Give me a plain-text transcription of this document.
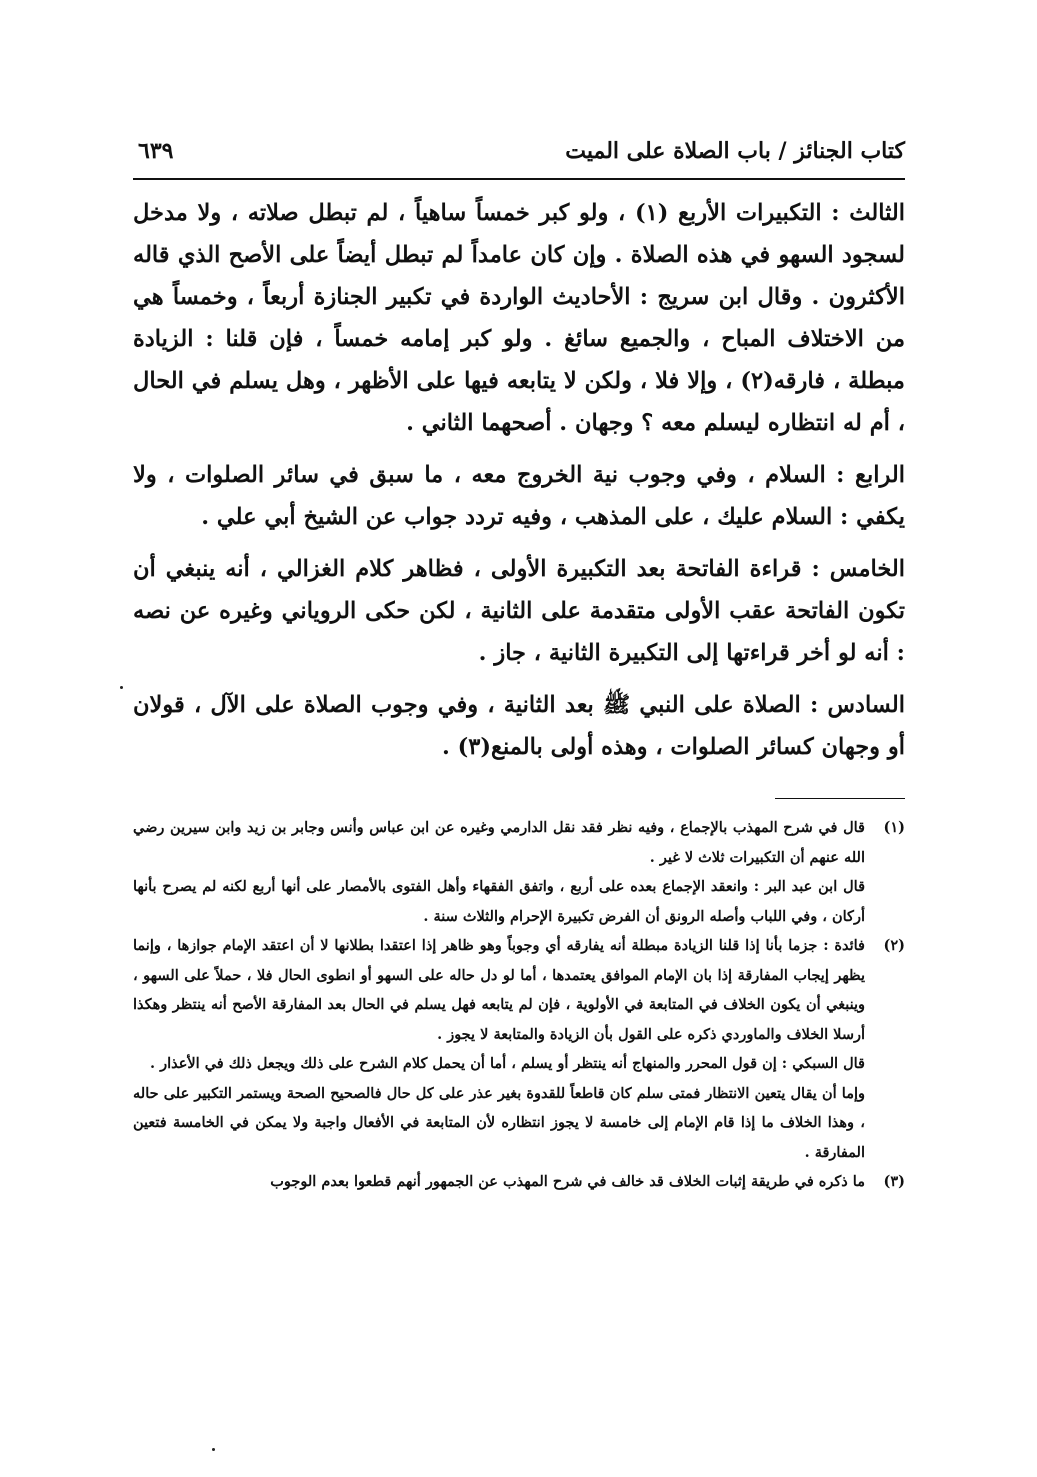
كتاب الجنائز / باب الصلاة على الميت
٦٣٩

الثالث : التكبيرات الأربع (١) ، ولو كبر خمساً ساهياً ، لم تبطل صلاته ، ولا مدخل لسجود السهو في هذه الصلاة . وإن كان عامداً لم تبطل أيضاً على الأصح الذي قاله الأكثرون . وقال ابن سريج : الأحاديث الواردة في تكبير الجنازة أربعاً ، وخمساً هي من الاختلاف المباح ، والجميع سائغ . ولو كبر إمامه خمساً ، فإن قلنا : الزيادة مبطلة ، فارقه(٢) ، وإلا فلا ، ولكن لا يتابعه فيها على الأظهر ، وهل يسلم في الحال ، أم له انتظاره ليسلم معه ؟ وجهان . أصحهما الثاني .

الرابع : السلام ، وفي وجوب نية الخروج معه ، ما سبق في سائر الصلوات ، ولا يكفي : السلام عليك ، على المذهب ، وفيه تردد جواب عن الشيخ أبي علي .

الخامس : قراءة الفاتحة بعد التكبيرة الأولى ، فظاهر كلام الغزالي ، أنه ينبغي أن تكون الفاتحة عقب الأولى متقدمة على الثانية ، لكن حكى الروياني وغيره عن نصه : أنه لو أخر قراءتها إلى التكبيرة الثانية ، جاز .

السادس : الصلاة على النبي ﷺ بعد الثانية ، وفي وجوب الصلاة على الآل ، قولان أو وجهان كسائر الصلوات ، وهذه أولى بالمنع(٣) .

(١)

قال في شرح المهذب بالإجماع ، وفيه نظر فقد نقل الدارمي وغيره عن ابن عباس وأنس وجابر بن زيد وابن سيرين رضي الله عنهم أن التكبيرات ثلاث لا غير .

قال ابن عبد البر : وانعقد الإجماع بعده على أربع ، واتفق الفقهاء وأهل الفتوى بالأمصار على أنها أربع لكنه لم يصرح بأنها أركان ، وفي اللباب وأصله الرونق أن الفرض تكبيرة الإحرام والثلاث سنة .

(٢)

فائدة : جزما بأنا إذا قلنا الزيادة مبطلة أنه يفارقه أي وجوباً وهو ظاهر إذا اعتقدا بطلانها لا أن اعتقد الإمام جوازها ، وإنما يظهر إيجاب المفارقة إذا بان الإمام الموافق يعتمدها ، أما لو دل حاله على السهو أو انطوى الحال فلا ، حملاً على السهو ، وينبغي أن يكون الخلاف في المتابعة في الأولوية ، فإن لم يتابعه فهل يسلم في الحال بعد المفارقة الأصح أنه ينتظر وهكذا أرسلا الخلاف والماوردي ذكره على القول بأن الزيادة والمتابعة لا يجوز .

قال السبكي : إن قول المحرر والمنهاج أنه ينتظر أو يسلم ، أما أن يحمل كلام الشرح على ذلك ويجعل ذلك في الأعذار .

وإما أن يقال يتعين الانتظار فمتى سلم كان قاطعاً للقدوة بغير عذر على كل حال فالصحيح الصحة ويستمر التكبير على حاله ، وهذا الخلاف ما إذا قام الإمام إلى خامسة لا يجوز انتظاره لأن المتابعة في الأفعال واجبة ولا يمكن في الخامسة فتعين المفارقة .

(٣)

ما ذكره في طريقة إثبات الخلاف قد خالف في شرح المهذب عن الجمهور أنهم قطعوا بعدم الوجوب
